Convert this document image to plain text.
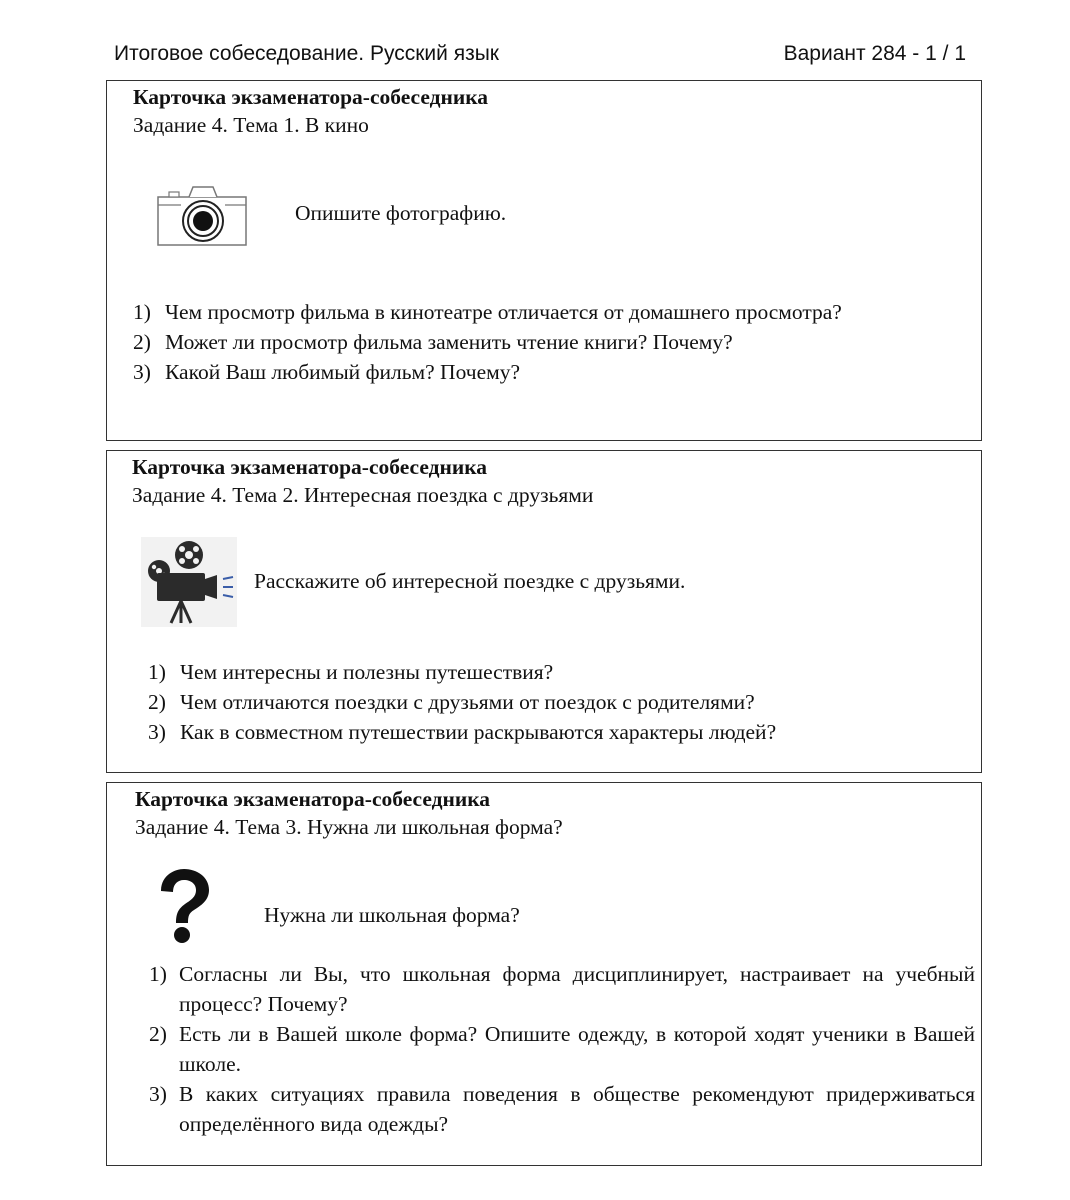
Итоговое собеседование. Русский язык	Вариант 284 - 1 / 1
Карточка экзаменатора-собеседника
Задание 4. Тема 1. В кино
Опишите фотографию.
1) Чем просмотр фильма в кинотеатре отличается от домашнего просмотра?
2) Может ли просмотр фильма заменить чтение книги? Почему?
3) Какой Ваш любимый фильм? Почему?
Карточка экзаменатора-собеседника
Задание 4. Тема 2. Интересная поездка с друзьями
Расскажите об интересной поездке с друзьями.
1) Чем интересны и полезны путешествия?
2) Чем отличаются поездки с друзьями от поездок с родителями?
3) Как в совместном путешествии раскрываются характеры людей?
Карточка экзаменатора-собеседника
Задание 4. Тема 3. Нужна ли школьная форма?
Нужна ли школьная форма?
1) Согласны ли Вы, что школьная форма дисциплинирует, настраивает на учебный процесс? Почему?
2) Есть ли в Вашей школе форма? Опишите одежду, в которой ходят ученики в Вашей школе.
3) В каких ситуациях правила поведения в обществе рекомендуют придерживаться определённого вида одежды?
